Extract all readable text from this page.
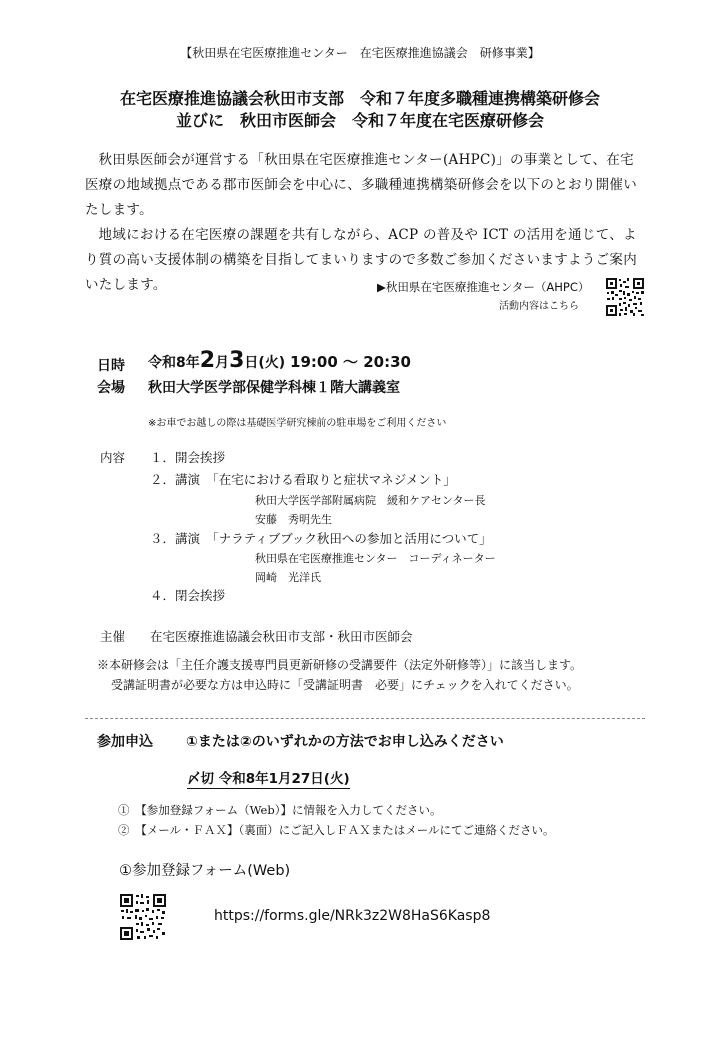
【秋田県在宅医療推進センター　在宅医療推進協議会　研修事業】
在宅医療推進協議会秋田市支部　令和７年度多職種連携構築研修会
並びに　秋田市医師会　令和７年度在宅医療研修会
秋田県医師会が運営する「秋田県在宅医療推進センター(AHPC)」の事業として、在宅医療の地域拠点である郡市医師会を中心に、多職種連携構築研修会を以下のとおり開催いたします。
地域における在宅医療の課題を共有しながら、ACP の普及や ICT の活用を通じて、より質の高い支援体制の構築を目指してまいりますので多数ご参加くださいますようご案内いたします。	▶秋田県在宅医療推進センター（AHPC）
活動内容はこちら
日時 令和8年2月3日(火) 19:00 ～ 20:30
会場 秋田大学医学部保健学科棟１階大講義室
※お車でお越しの際は基礎医学研究棟前の駐車場をご利用ください
内容 １．開会挨拶
２．講演　「在宅における看取りと症状マネジメント」
秋田大学医学部附属病院　緩和ケアセンター長
安藤　秀明先生
３．講演　「ナラティブブック秋田への参加と活用について」
秋田県在宅医療推進センター　コーディネーター
岡崎　光洋氏
４．閉会挨拶
主催 在宅医療推進協議会秋田市支部・秋田市医師会
※本研修会は「主任介護支援専門員更新研修の受講要件（法定外研修等）」に該当します。
受講証明書が必要な方は申込時に「受講証明書　必要」にチェックを入れてください。
参加申込 ①または②のいずれかの方法でお申し込みください
〆切 令和8年1月27日(火)
①　【参加登録フォーム（Web）】に情報を入力してください。
②　【メール・ＦＡＸ】（裏面）にご記入しＦＡＸまたはメールにてご連絡ください。
①参加登録フォーム(Web)
https://forms.gle/NRk3z2W8HaS6Kasp8
